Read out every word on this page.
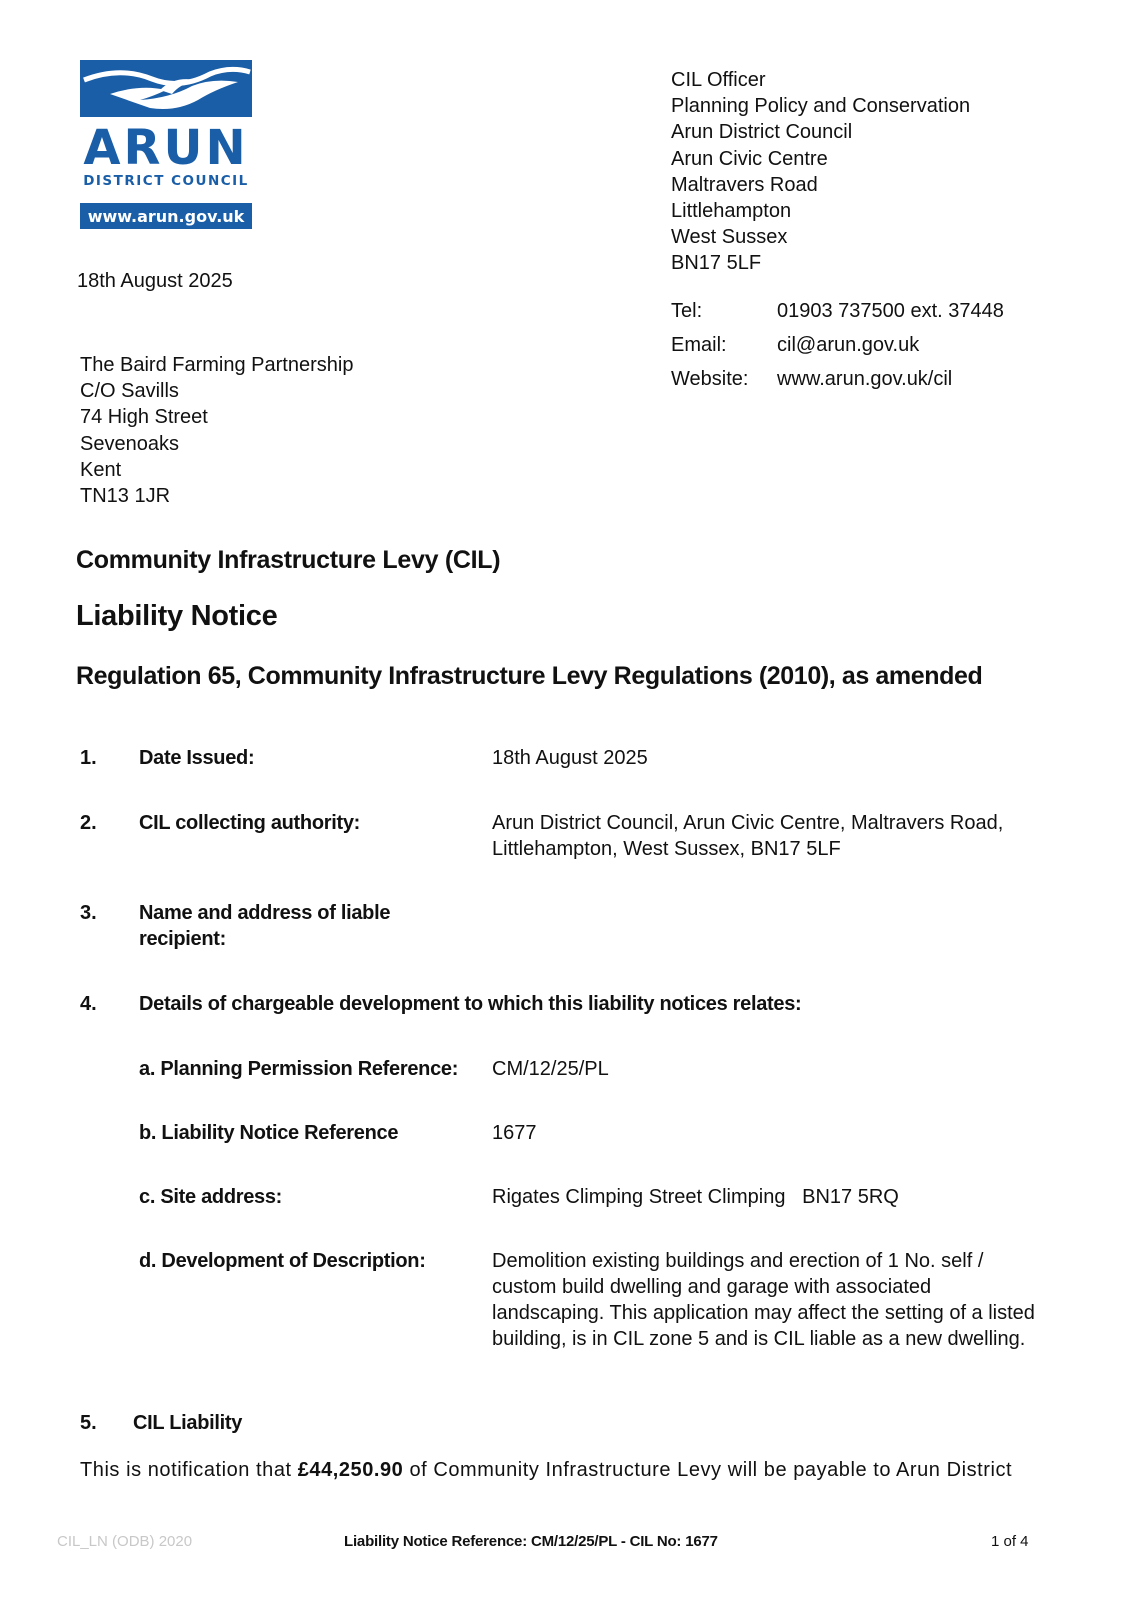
ARUN
DISTRICT COUNCIL
www.arun.gov.uk
CIL Officer
Planning Policy and Conservation
Arun District Council
Arun Civic Centre
Maltravers Road
Littlehampton
West Sussex
BN17 5LF
Tel:	01903 737500 ext. 37448
Email:	cil@arun.gov.uk
Website: www.arun.gov.uk/cil
18th August 2025
The Baird Farming Partnership
C/O Savills
74 High Street
Sevenoaks
Kent
TN13 1JR
Community Infrastructure Levy (CIL)
Liability Notice
Regulation 65, Community Infrastructure Levy Regulations (2010), as amended
1. Date Issued:	18th August 2025
2. CIL collecting authority:	Arun District Council, Arun Civic Centre, Maltravers Road,
Littlehampton, West Sussex, BN17 5LF
3. Name and address of liable
recipient:
4. Details of chargeable development to which this liability notices relates:
a. Planning Permission Reference: CM/12/25/PL
b. Liability Notice Reference	1677
c. Site address:	Rigates Climping Street Climping   BN17 5RQ
d. Development of Description:	Demolition existing buildings and erection of 1 No. self /
custom build dwelling and garage with associated
landscaping. This application may affect the setting of a listed
building, is in CIL zone 5 and is CIL liable as a new dwelling.
5. CIL Liability
This is notification that £44,250.90 of Community Infrastructure Levy will be payable to Arun District
CIL_LN (ODB) 2020	Liability Notice Reference: CM/12/25/PL - CIL No: 1677	1 of 4
